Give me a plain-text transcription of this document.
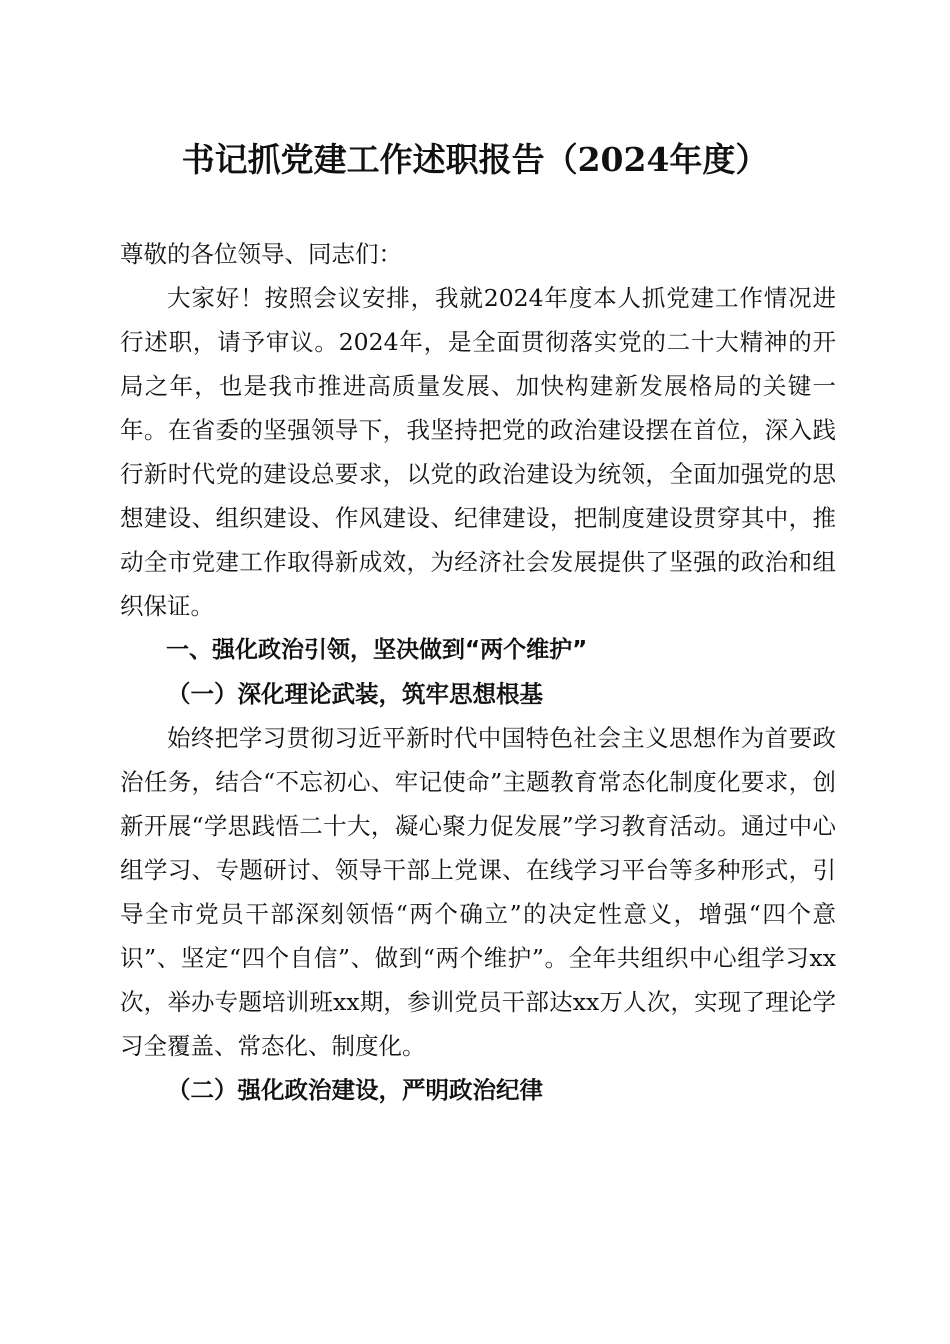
书记抓党建工作述职报告（2024年度）

尊敬的各位领导、同志们：

大家好！按照会议安排，我就2024年度本人抓党建工作情况进行述职，请予审议。2024年，是全面贯彻落实党的二十大精神的开局之年，也是我市推进高质量发展、加快构建新发展格局的关键一年。在省委的坚强领导下，我坚持把党的政治建设摆在首位，深入践行新时代党的建设总要求，以党的政治建设为统领，全面加强党的思想建设、组织建设、作风建设、纪律建设，把制度建设贯穿其中，推动全市党建工作取得新成效，为经济社会发展提供了坚强的政治和组织保证。

一、强化政治引领，坚决做到“两个维护”

（一）深化理论武装，筑牢思想根基

始终把学习贯彻习近平新时代中国特色社会主义思想作为首要政治任务，结合“不忘初心、牢记使命”主题教育常态化制度化要求，创新开展“学思践悟二十大，凝心聚力促发展”学习教育活动。通过中心组学习、专题研讨、领导干部上党课、在线学习平台等多种形式，引导全市党员干部深刻领悟“两个确立”的决定性意义，增强“四个意识”、坚定“四个自信”、做到“两个维护”。全年共组织中心组学习xx次，举办专题培训班xx期，参训党员干部达xx万人次，实现了理论学习全覆盖、常态化、制度化。

（二）强化政治建设，严明政治纪律
